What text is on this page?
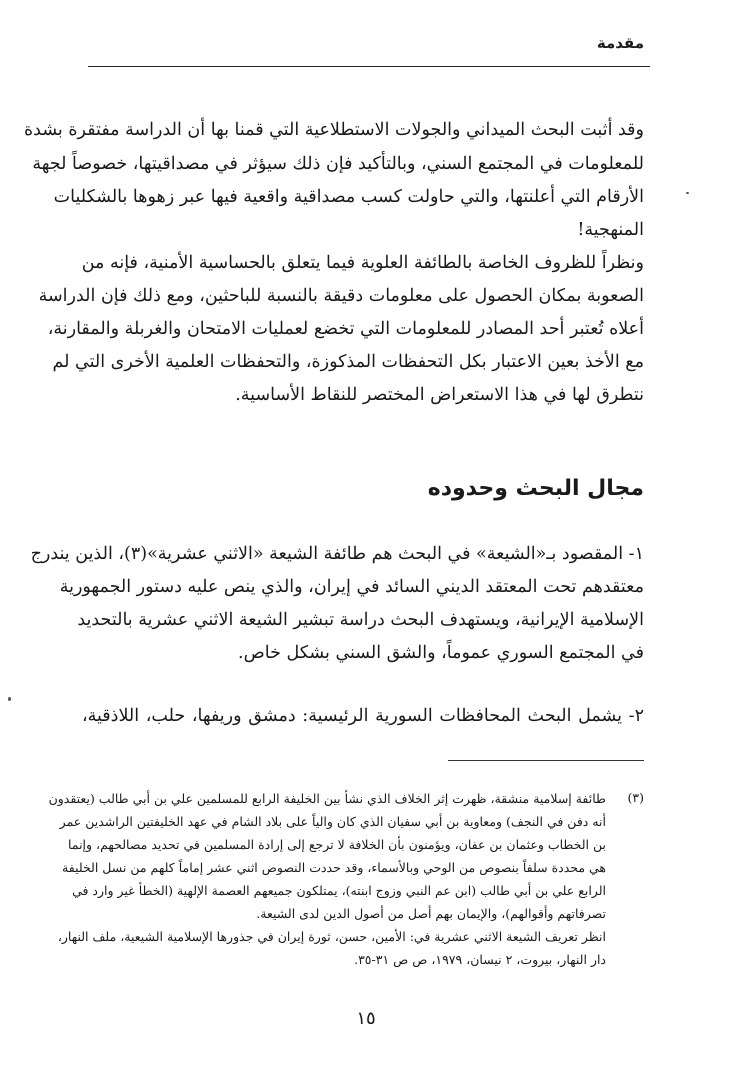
مقدمة
وقد أثبت البحث الميداني والجولات الاستطلاعية التي قمنا بها أن الدراسة مفتقرة بشدة
للمعلومات في المجتمع السني، وبالتأكيد فإن ذلك سيؤثر في مصداقيتها، خصوصاً لجهة
الأرقام التي أعلنتها، والتي حاولت كسب مصداقية واقعية فيها عبر زهوها بالشكليات
المنهجية!
ونظراً للظروف الخاصة بالطائفة العلوية فيما يتعلق بالحساسية الأمنية، فإنه من
الصعوبة بمكان الحصول على معلومات دقيقة بالنسبة للباحثين، ومع ذلك فإن الدراسة
أعلاه تُعتبر أحد المصادر للمعلومات التي تخضع لعمليات الامتحان والغربلة والمقارنة،
مع الأخذ بعين الاعتبار بكل التحفظات المذكوزة، والتحفظات العلمية الأخرى التي لم
نتطرق لها في هذا الاستعراض المختصر للنقاط الأساسية.
مجال البحث وحدوده
١- المقصود بـ«الشيعة» في البحث هم طائفة الشيعة «الاثني عشرية»(٣)، الذين يندرج
معتقدهم تحت المعتقد الديني السائد في إيران، والذي ينص عليه دستور الجمهورية
الإسلامية الإيرانية، ويستهدف البحث دراسة تبشير الشيعة الاثني عشرية بالتحديد
في المجتمع السوري عموماً، والشق السني بشكل خاص.
٢- يشمل البحث المحافظات السورية الرئيسية: دمشق وريفها، حلب، اللاذقية،
(٣)
طائفة إسلامية منشقة، ظهرت إثر الخلاف الذي نشأ بين الخليفة الرابع للمسلمين علي بن أبي طالب (يعتقدون
أنه دفن في النجف) ومعاوية بن أبي سفيان الذي كان والياً على بلاد الشام في عهد الخليفتين الراشدين عمر
بن الخطاب وعثمان بن عفان، ويؤمنون بأن الخلافة لا ترجع إلى إرادة المسلمين في تحديد مصالحهم، وإنما
هي محددة سلفاً بنصوص من الوحي وبالأسماء، وقد حددت النصوص اثني عشر إماماً كلهم من نسل الخليفة
الرابع علي بن أبي طالب (ابن عم النبي وزوج ابنته)، يمتلكون جميعهم العصمة الإلهية (الخطأ غير وارد في
تصرفاتهم وأقوالهم)، والإيمان بهم أصل من أصول الدين لدى الشيعة.
انظر تعريف الشيعة الاثني عشرية في: الأمين، حسن، ثورة إيران في جذورها الإسلامية الشيعية، ملف النهار،
دار النهار، بيروت، ٢ نيسان، ١٩٧٩، ص ص ٣١-٣٥.
١٥
